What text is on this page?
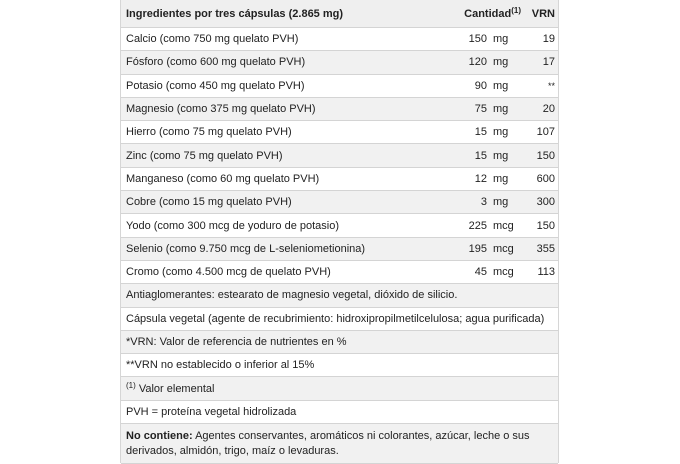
Ingredientes por tres cápsulas (2.865 mg)	Cantidad$^{(1)}$ VRN
Calcio (como 750 mg quelato PVH)	150 mg	19
Fósforo (como 600 mg quelato PVH)	120 mg	17
Potasio (como 450 mg quelato PVH)	90 mg	**
Magnesio (como 375 mg quelato PVH)	75 mg	20
Hierro (como 75 mg quelato PVH)	15 mg	107
Zinc (como 75 mg quelato PVH)	15 mg	150
Manganeso (como 60 mg quelato PVH)	12 mg	600
Cobre (como 15 mg quelato PVH)	3 mg	300
Yodo (como 300 mcg de yoduro de potasio)	225 mcg	150
Selenio (como 9.750 mcg de L-seleniometionina)	195 mcg	355
Cromo (como 4.500 mcg de quelato PVH)	45 mcg	113
Antiaglomerantes: estearato de magnesio vegetal, dióxido de silicio.
Cápsula vegetal (agente de recubrimiento: hidroxipropilmetilcelulosa; agua purificada)
*VRN: Valor de referencia de nutrientes en %
**VRN no establecido o inferior al 15%
$^{(1)}$ Valor elemental
PVH = proteína vegetal hidrolizada
No contiene: Agentes conservantes, aromáticos ni colorantes, azúcar, leche o sus derivados, almidón, trigo, maíz o levaduras.
